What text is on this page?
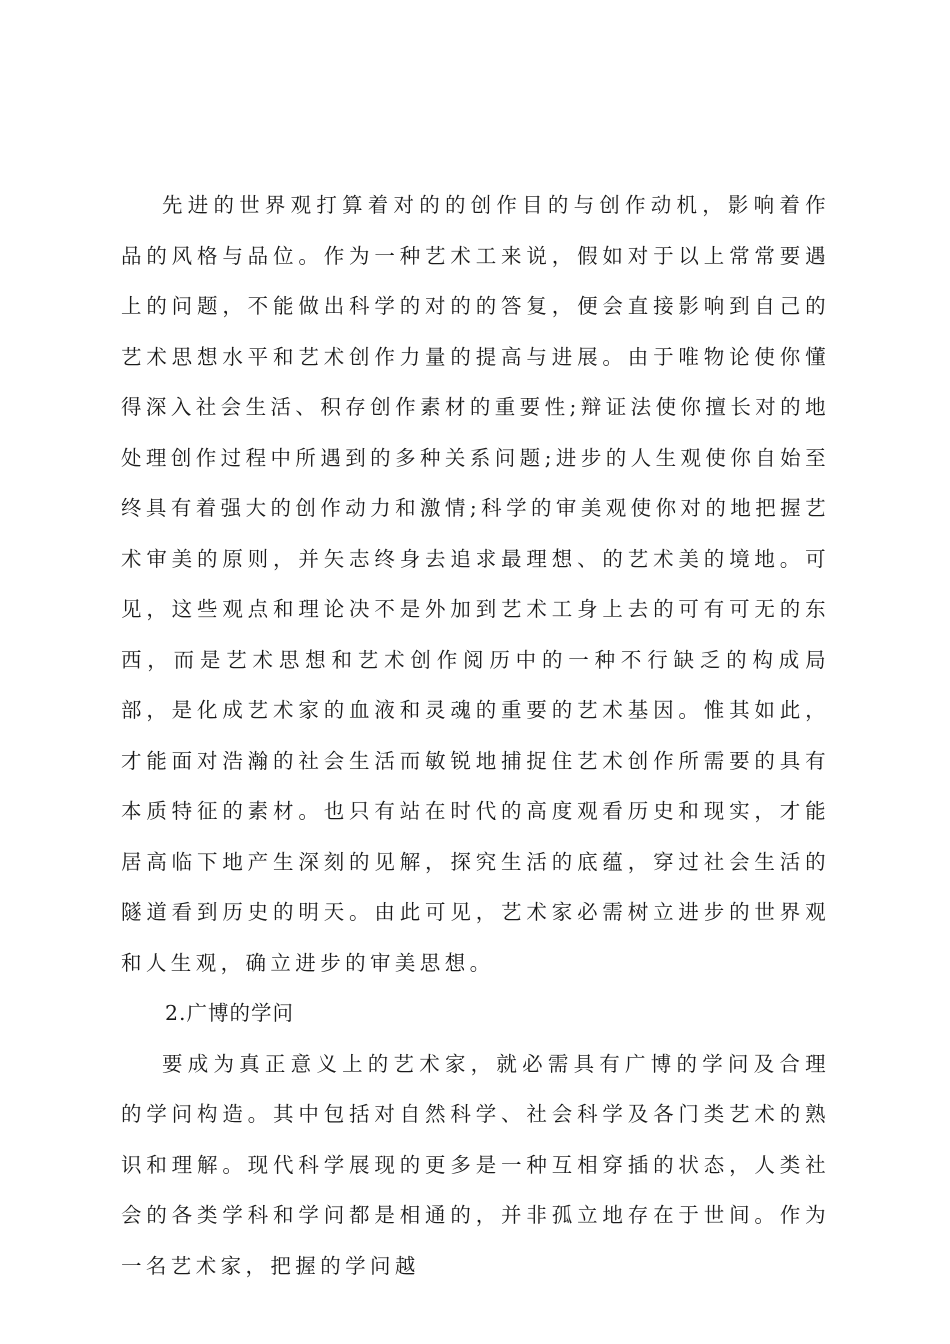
先进的世界观打算着对的的创作目的与创作动机，影响着作品的风格与品位。作为一种艺术工来说，假如对于以上常常要遇上的问题，不能做出科学的对的的答复，便会直接影响到自己的艺术思想水平和艺术创作力量的提高与进展。由于唯物论使你懂得深入社会生活、积存创作素材的重要性;辩证法使你擅长对的地处理创作过程中所遇到的多种关系问题;进步的人生观使你自始至终具有着强大的创作动力和激情;科学的审美观使你对的地把握艺术审美的原则，并矢志终身去追求最理想、的艺术美的境地。可见，这些观点和理论决不是外加到艺术工身上去的可有可无的东西，而是艺术思想和艺术创作阅历中的一种不行缺乏的构成局部，是化成艺术家的血液和灵魂的重要的艺术基因。惟其如此，才能面对浩瀚的社会生活而敏锐地捕捉住艺术创作所需要的具有本质特征的素材。也只有站在时代的高度观看历史和现实，才能居高临下地产生深刻的见解，探究生活的底蕴，穿过社会生活的隧道看到历史的明天。由此可见，艺术家必需树立进步的世界观和人生观，确立进步的审美思想。

2.广博的学问

要成为真正意义上的艺术家，就必需具有广博的学问及合理的学问构造。其中包括对自然科学、社会科学及各门类艺术的熟识和理解。现代科学展现的更多是一种互相穿插的状态，人类社会的各类学科和学问都是相通的，并非孤立地存在于世间。作为一名艺术家，把握的学问越
